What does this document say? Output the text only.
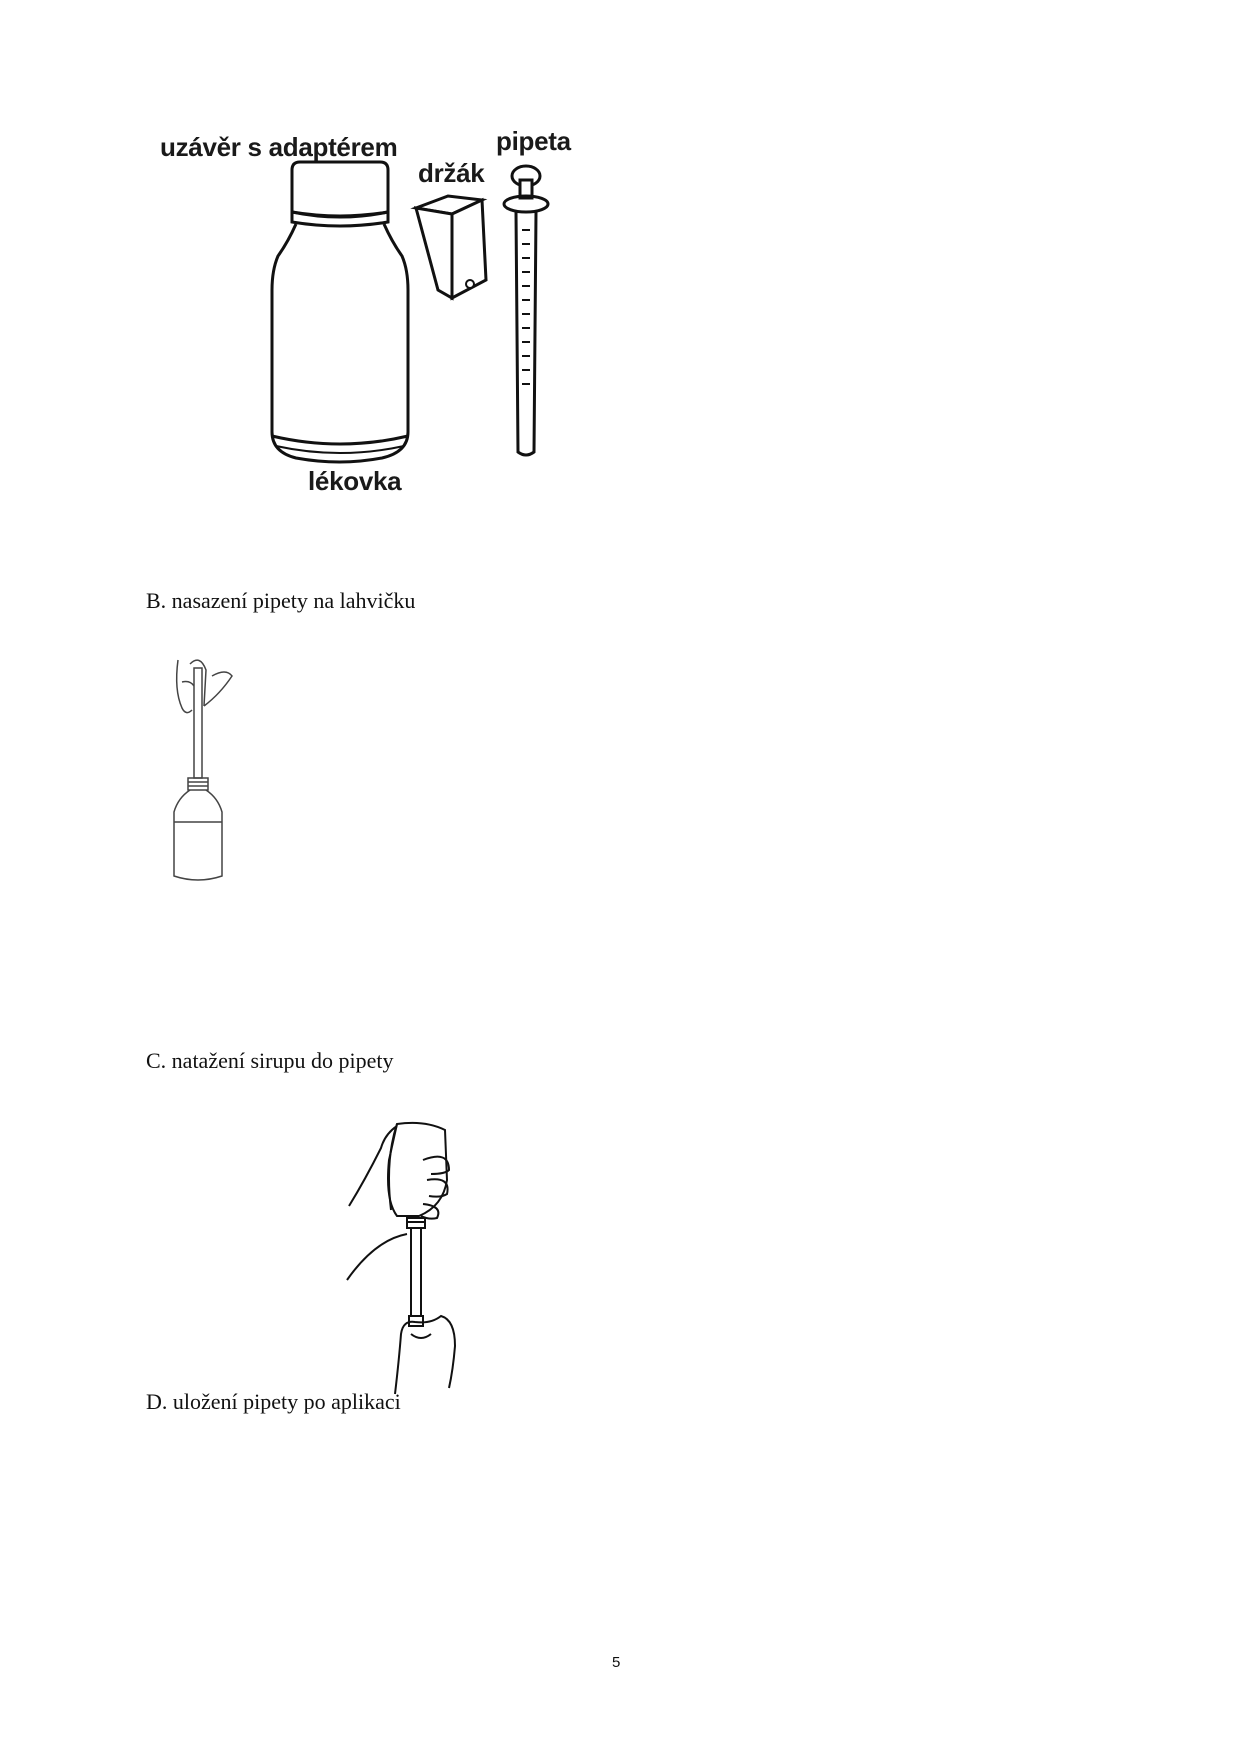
uzávěr s adaptérem
držák
pipeta
lékovka
B. nasazení pipety na lahvičku
C. natažení sirupu do pipety
D. uložení pipety po aplikaci
5
